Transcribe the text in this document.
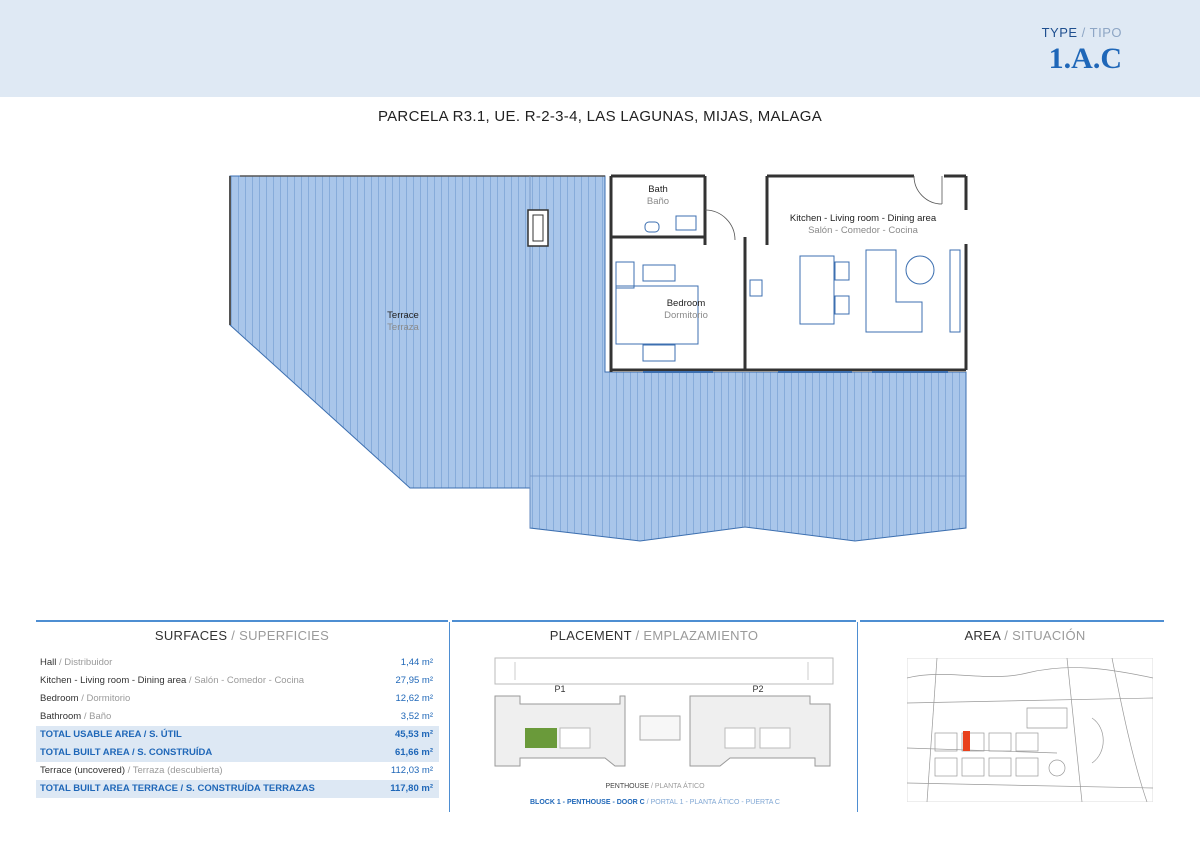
TYPE / TIPO
1.A.C
PARCELA R3.1, UE. R-2-3-4, LAS LAGUNAS, MIJAS, MALAGA
Terrace
Terraza
Bath
Baño
Bedroom
Dormitorio
Kitchen - Living room - Dining area
Salón - Comedor - Cocina
SURFACES / SUPERFICIES
Hall / Distribuidor	1,44 m²
Kitchen - Living room - Dining area / Salón - Comedor - Cocina	27,95 m²
Bedroom / Dormitorio	12,62 m²
Bathroom / Baño	3,52 m²
TOTAL USABLE AREA / S. ÚTIL	45,53 m²
TOTAL BUILT AREA / S. CONSTRUÍDA	61,66 m²
Terrace (uncovered) / Terraza (descubierta)	112,03 m²
TOTAL BUILT AREA TERRACE / S. CONSTRUÍDA TERRAZAS	117,80 m²
PLACEMENT / EMPLAZAMIENTO
P1	P2
PENTHOUSE / PLANTA ÁTICO
BLOCK 1 - PENTHOUSE - DOOR C / PORTAL 1 - PLANTA ÁTICO - PUERTA C
AREA / SITUACIÓN
